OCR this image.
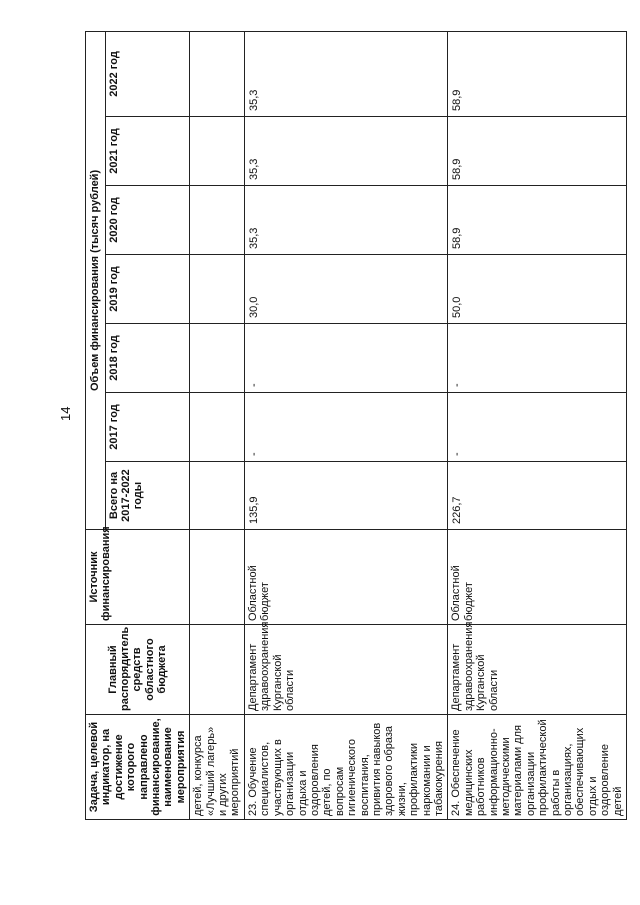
14
Задача, целевой индикатор, на достижение которого направлено финансирование, наименование мероприятия	Главный распорядитель средств областного бюджета	Источник финансирования	Объем финансирования (тысяч рублей)						
			Всего на 2017-2022 годы	2017 год	2018 год	2019 год	2020 год	2021 год	2022 год
детей, конкурса «Лучший лагерь» и других мероприятий									
23. Обучение специалистов, участвующих в организации отдыха и оздоровления детей, по вопросам гигиенического воспитания, привития навыков здорового образа жизни, профилактики наркомании и табакокурения	Департамент здравоохранения Курганской области	Областной бюджет	135,9	-	-	30,0	35,3	35,3	35,3
24. Обеспечение медицинских работников информационно-методическими материалами для организации профилактической работы в организациях, обеспечивающих отдых и оздоровление детей	Департамент здравоохранения Курганской области	Областной бюджет	226,7	-	-	50,0	58,9	58,9	58,9
